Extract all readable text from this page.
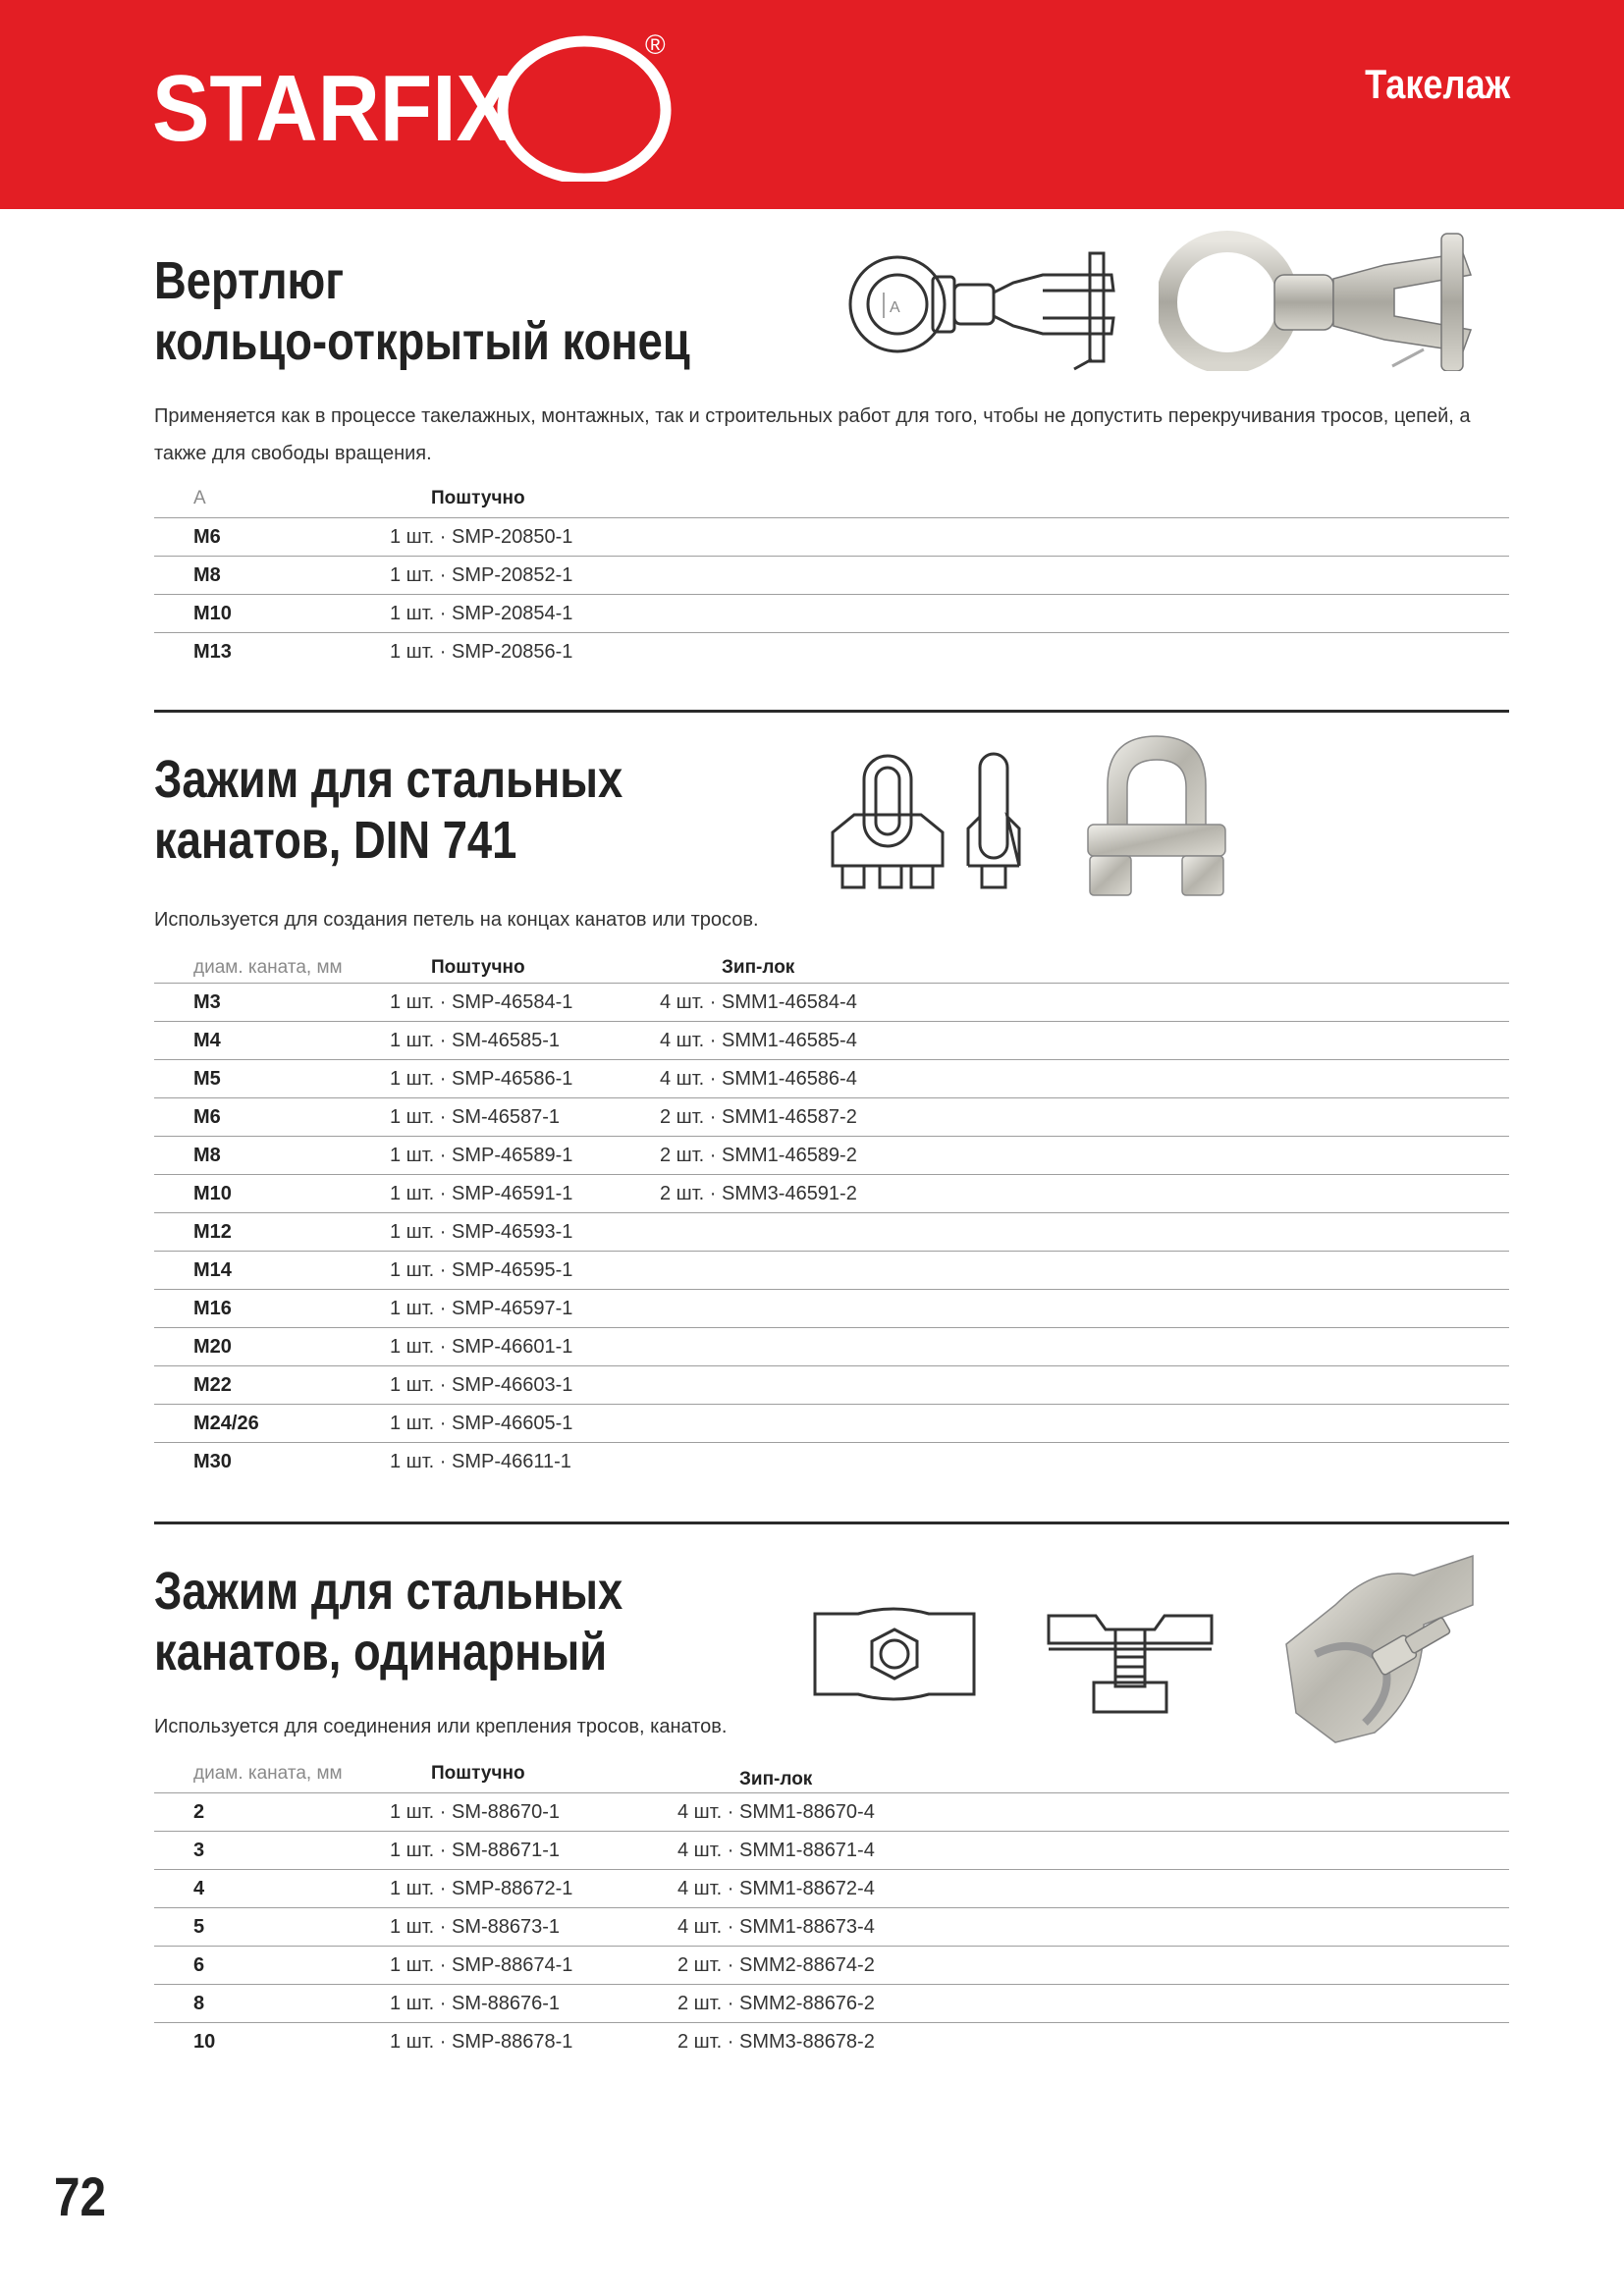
STARFIX
®
Такелаж
Вертлюг
кольцо-открытый конец
Применяется как в процессе такелажных, монтажных, так и строительных работ для того, чтобы не допустить перекручивания тросов, цепей, а также для свободы вращения.
A	Поштучно
M6	1 шт. · SMP-20850-1
M8	1 шт. · SMP-20852-1
M10	1 шт. · SMP-20854-1
M13	1 шт. · SMP-20856-1
A
Зажим для стальных
канатов, DIN 741
Используется для создания петель на концах канатов или тросов.
диам. каната, мм	Поштучно	Зип-лок
M3	1 шт. · SMP-46584-1	4 шт. · SMM1-46584-4
M4	1 шт. · SM-46585-1	4 шт. · SMM1-46585-4
M5	1 шт. · SMP-46586-1	4 шт. · SMM1-46586-4
M6	1 шт. · SM-46587-1	2 шт. · SMM1-46587-2
M8	1 шт. · SMP-46589-1	2 шт. · SMM1-46589-2
M10	1 шт. · SMP-46591-1	2 шт. · SMM3-46591-2
M12	1 шт. · SMP-46593-1
M14	1 шт. · SMP-46595-1
M16	1 шт. · SMP-46597-1
M20	1 шт. · SMP-46601-1
M22	1 шт. · SMP-46603-1
M24/26	1 шт. · SMP-46605-1
M30	1 шт. · SMP-46611-1
Зажим для стальных
канатов, одинарный
Используется для соединения или крепления тросов, канатов.
диам. каната, мм	Поштучно	Зип-лок
2	1 шт. · SM-88670-1	4 шт. · SMM1-88670-4
3	1 шт. · SM-88671-1	4 шт. · SMM1-88671-4
4	1 шт. · SMP-88672-1	4 шт. · SMM1-88672-4
5	1 шт. · SM-88673-1	4 шт. · SMM1-88673-4
6	1 шт. · SMP-88674-1	2 шт. · SMM2-88674-2
8	1 шт. · SM-88676-1	2 шт. · SMM2-88676-2
10	1 шт. · SMP-88678-1	2 шт. · SMM3-88678-2
72
